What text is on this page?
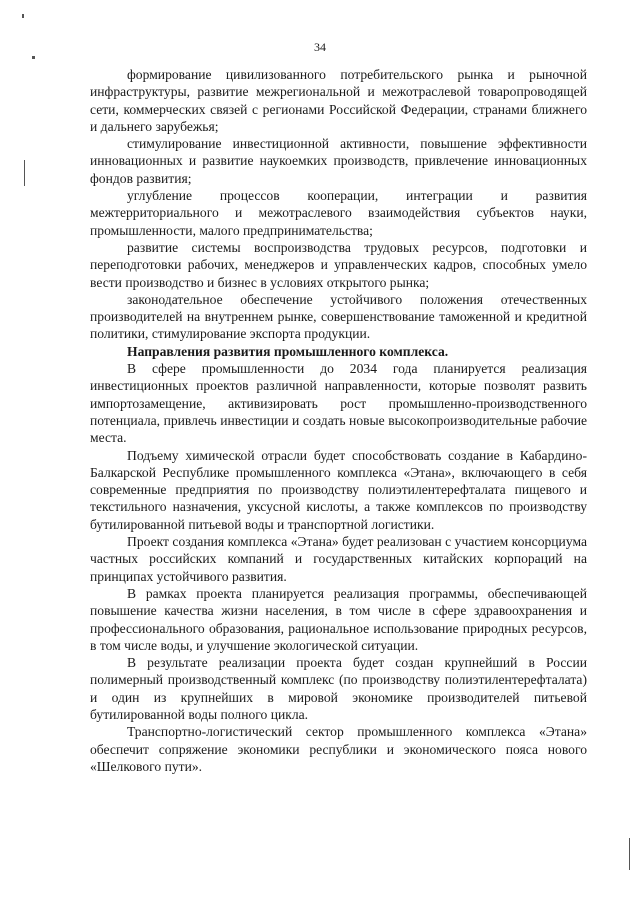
34

формирование цивилизованного потребительского рынка и рыночной инфраструктуры, развитие межрегиональной и межотраслевой товаропроводящей сети, коммерческих связей с регионами Российской Федерации, странами ближнего и дальнего зарубежья;

стимулирование инвестиционной активности, повышение эффективности инновационных и развитие наукоемких производств, привлечение инновационных фондов развития;

углубление процессов кооперации, интеграции и развития межтерриториального и межотраслевого взаимодействия субъектов науки, промышленности, малого предпринимательства;

развитие системы воспроизводства трудовых ресурсов, подготовки и переподготовки рабочих, менеджеров и управленческих кадров, способных умело вести производство и бизнес в условиях открытого рынка;

законодательное обеспечение устойчивого положения отечественных производителей на внутреннем рынке, совершенствование таможенной и кредитной политики, стимулирование экспорта продукции.

Направления развития промышленного комплекса.

В сфере промышленности до 2034 года планируется реализация инвестиционных проектов различной направленности, которые позволят развить импортозамещение, активизировать рост промышленно-производственного потенциала, привлечь инвестиции и создать новые высокопроизводительные рабочие места.

Подъему химической отрасли будет способствовать создание в Кабардино-Балкарской Республике промышленного комплекса «Этана», включающего в себя современные предприятия по производству полиэтилентерефталата пищевого и текстильного назначения, уксусной кислоты, а также комплексов по производству бутилированной питьевой воды и транспортной логистики.

Проект создания комплекса «Этана» будет реализован с участием консорциума частных российских компаний и государственных китайских корпораций на принципах устойчивого развития.

В рамках проекта планируется реализация программы, обеспечивающей повышение качества жизни населения, в том числе в сфере здравоохранения и профессионального образования, рациональное использование природных ресурсов, в том числе воды, и улучшение экологической ситуации.

В результате реализации проекта будет создан крупнейший в России полимерный производственный комплекс (по производству полиэтилентерефталата) и один из крупнейших в мировой экономике производителей питьевой бутилированной воды полного цикла.

Транспортно-логистический сектор промышленного комплекса «Этана» обеспечит сопряжение экономики республики и экономического пояса нового «Шелкового пути».
